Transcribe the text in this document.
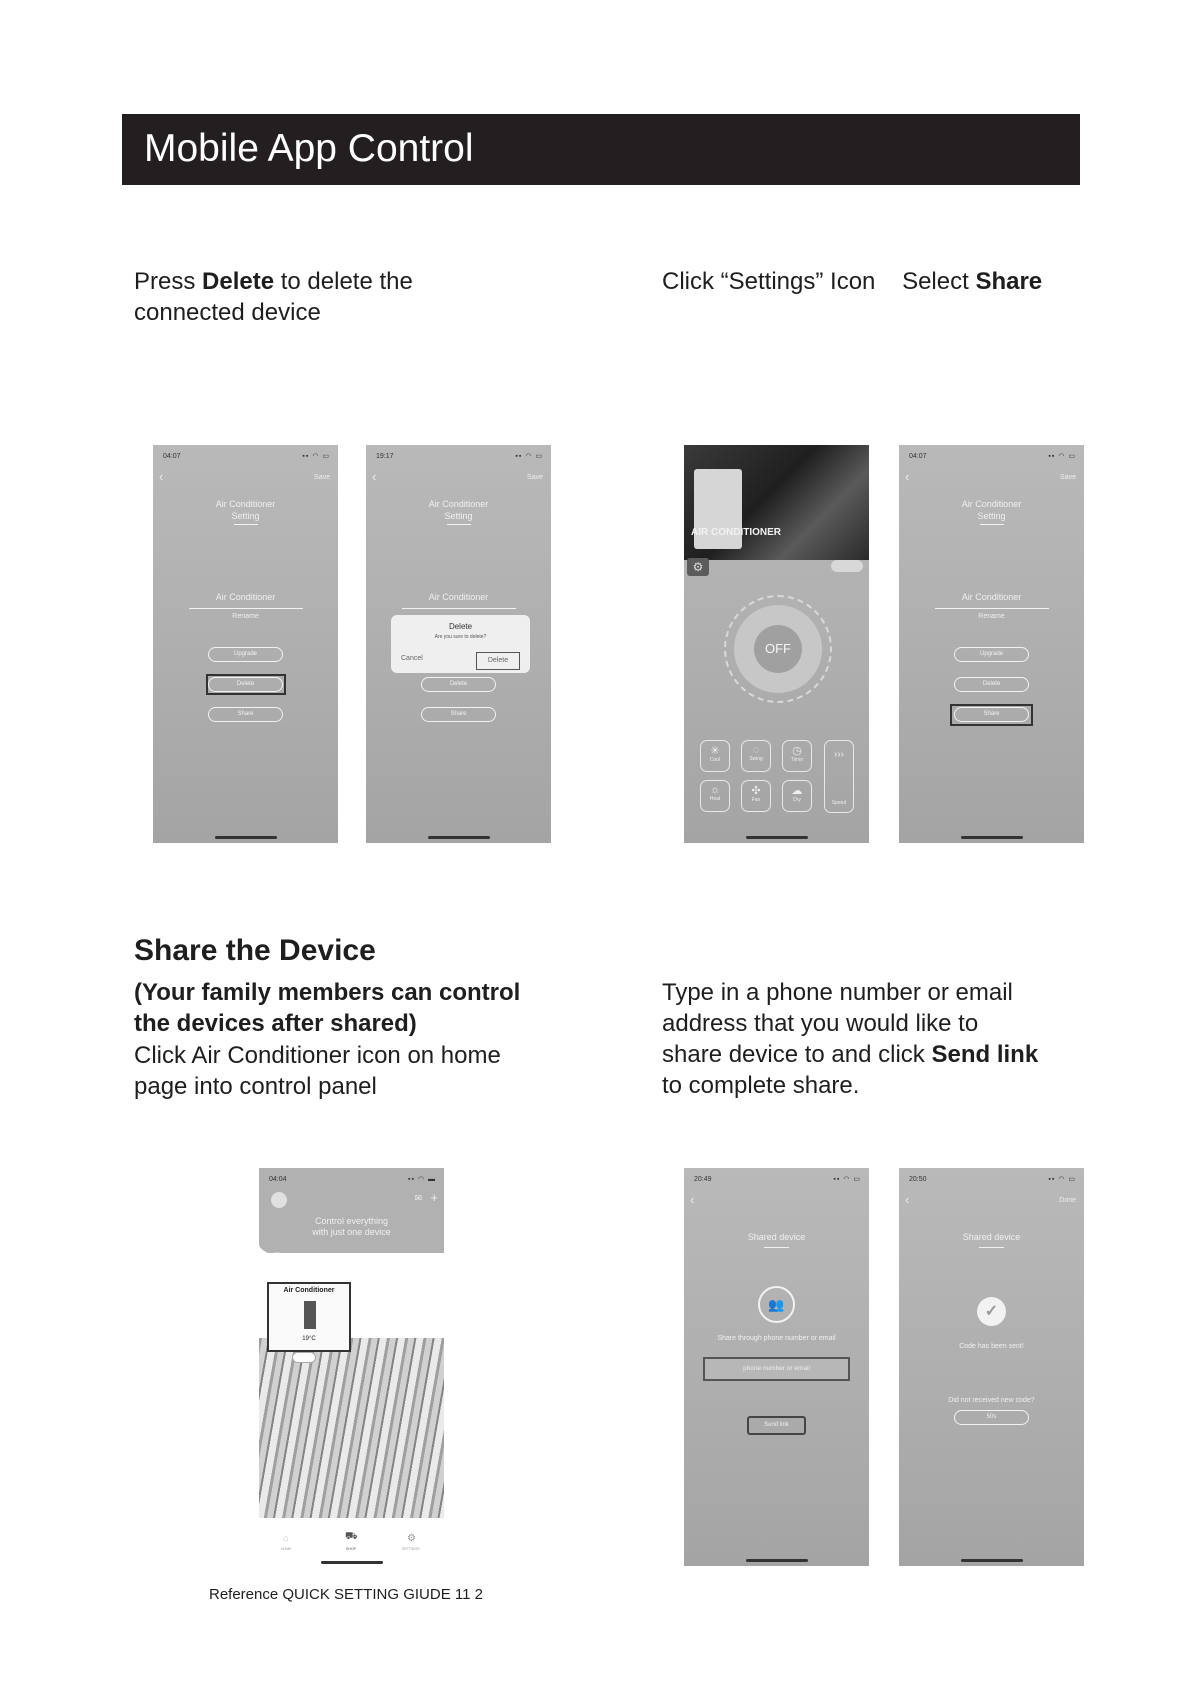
Mobile App Control
Press Delete to delete the
connected device
Click “Settings” Icon    Select Share
04:07	▪▪ ◠ ▭
‹	Save
Air Conditioner
Setting
Air Conditioner
Rename
Upgrade
Delete
Share
19:17	▪▪ ◠ ▭
‹	Save
Air Conditioner
Setting
Air Conditioner
Delete
Are you sure to delete?
Cancel	Delete
Delete
Share
AIR CONDITIONER
⚙
OFF
✳
Cool
◌
Swing
◷
Timer
☼
Heat
✣
Fan
☁
Dry
›››
Speed
04:07	▪▪ ◠ ▭
‹	Save
Air Conditioner
Setting
Air Conditioner
Rename
Upgrade
Delete
Share
Share the Device
(Your family members can control
the devices after shared)
Click Air Conditioner icon on home
page into control panel
Type in a phone number or email
address that you would like to
share device to and click Send link
to complete share.
04:04	▪▪ ◠ ▬
✉ +
Control everything
with just one device
Air Conditioner
19°C
⌂
HOME
⛟
SHOP
⚙
SETTINGS
20:49	▪▪ ◠ ▭
‹
Shared device
👥
Share through phone number or email
phone number or email
Send link
20:50	▪▪ ◠ ▭
‹	Done
Shared device
✓
Code has been sent!
Did not received new code?
50s
Reference QUICK SETTING GIUDE 11 2
